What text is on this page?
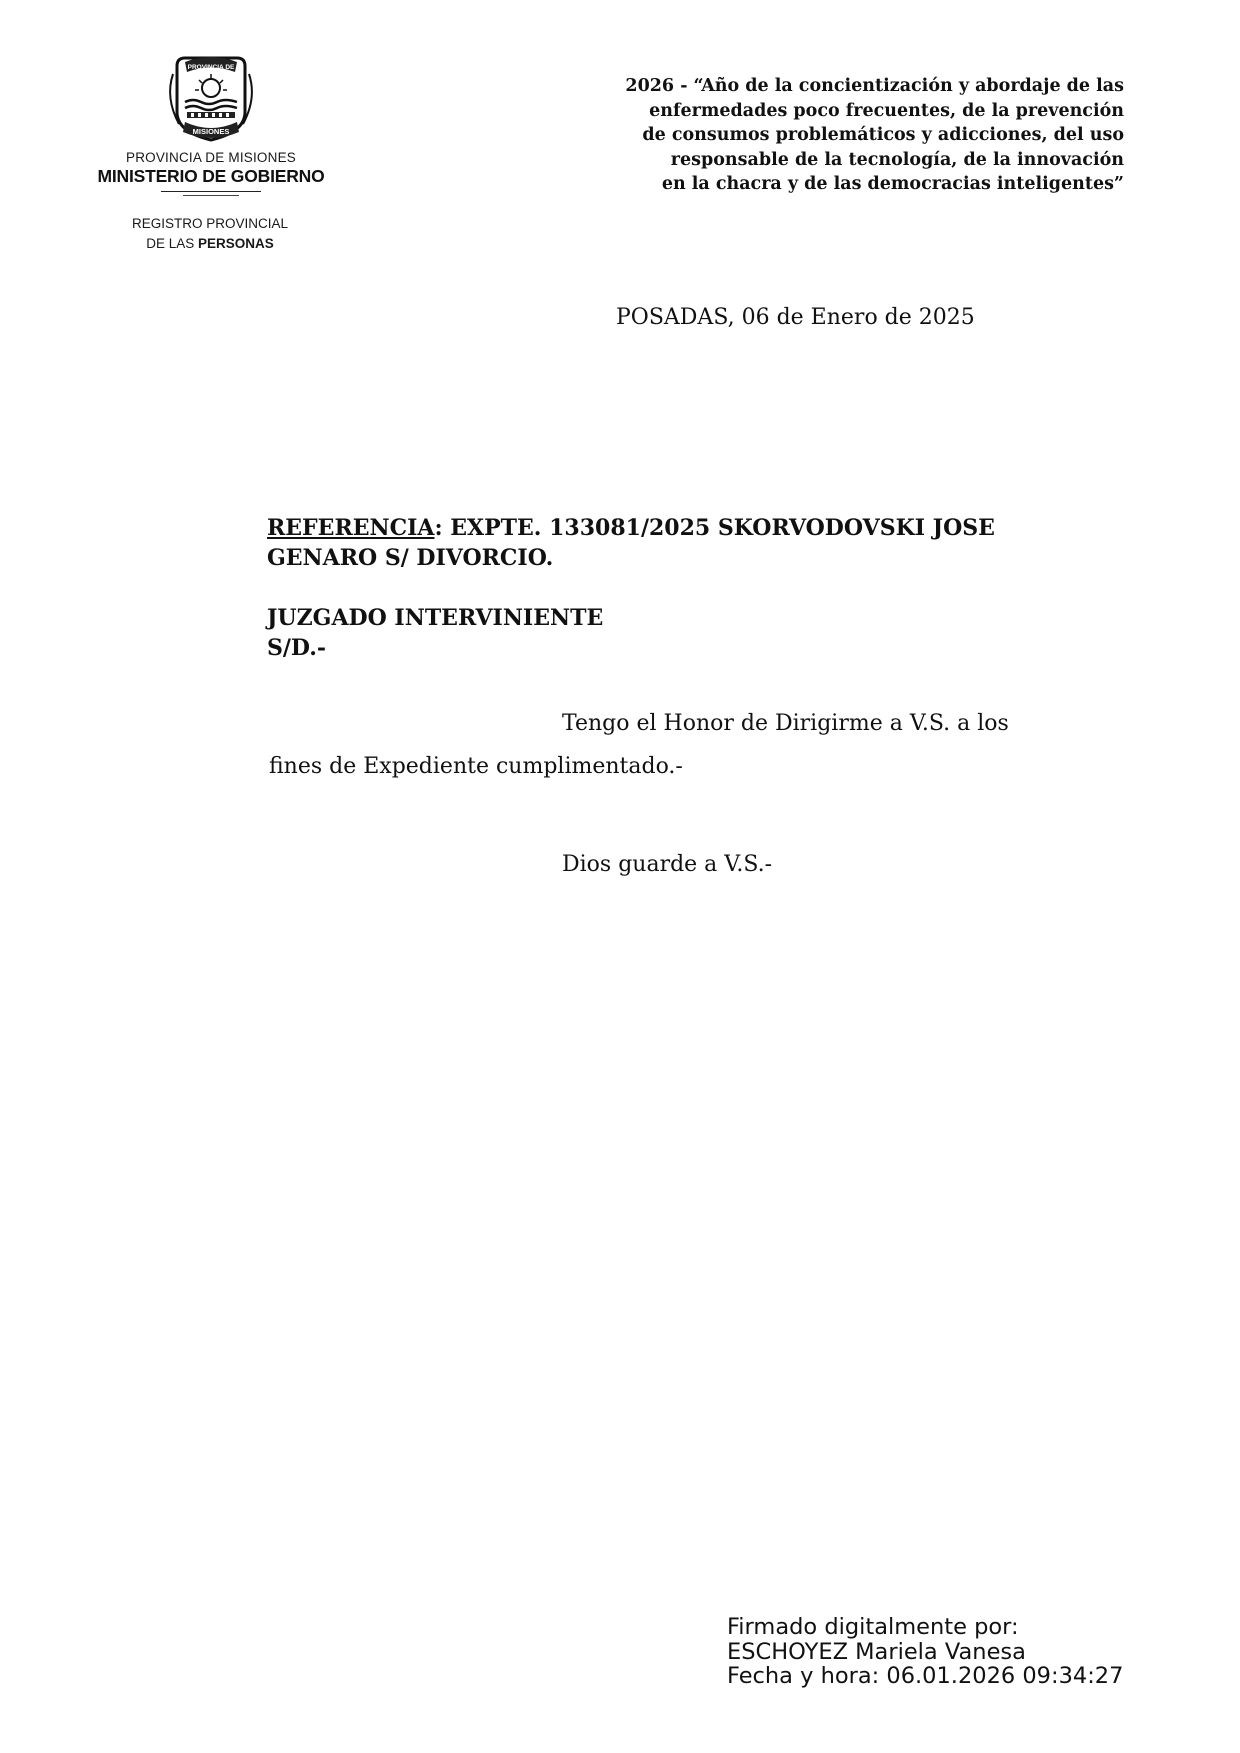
PROVINCIA DE
MISIONES
PROVINCIA DE MISIONES
MINISTERIO DE GOBIERNO
REGISTRO PROVINCIAL
DE LAS PERSONAS
2026 - “Año de la concientización y abordaje de las
enfermedades poco frecuentes, de la prevención
de consumos problemáticos y adicciones, del uso
responsable de la tecnología, de la innovación
en la chacra y de las democracias inteligentes”
POSADAS, 06 de Enero de 2025
REFERENCIA: EXPTE. 133081/2025 SKORVODOVSKI JOSE
GENARO S/ DIVORCIO.
JUZGADO INTERVINIENTE
S/D.-
Tengo el Honor de Dirigirme a V.S. a los
fines de Expediente cumplimentado.-
Dios guarde a V.S.-
Firmado digitalmente por:
ESCHOYEZ Mariela Vanesa
Fecha y hora: 06.01.2026 09:34:27
